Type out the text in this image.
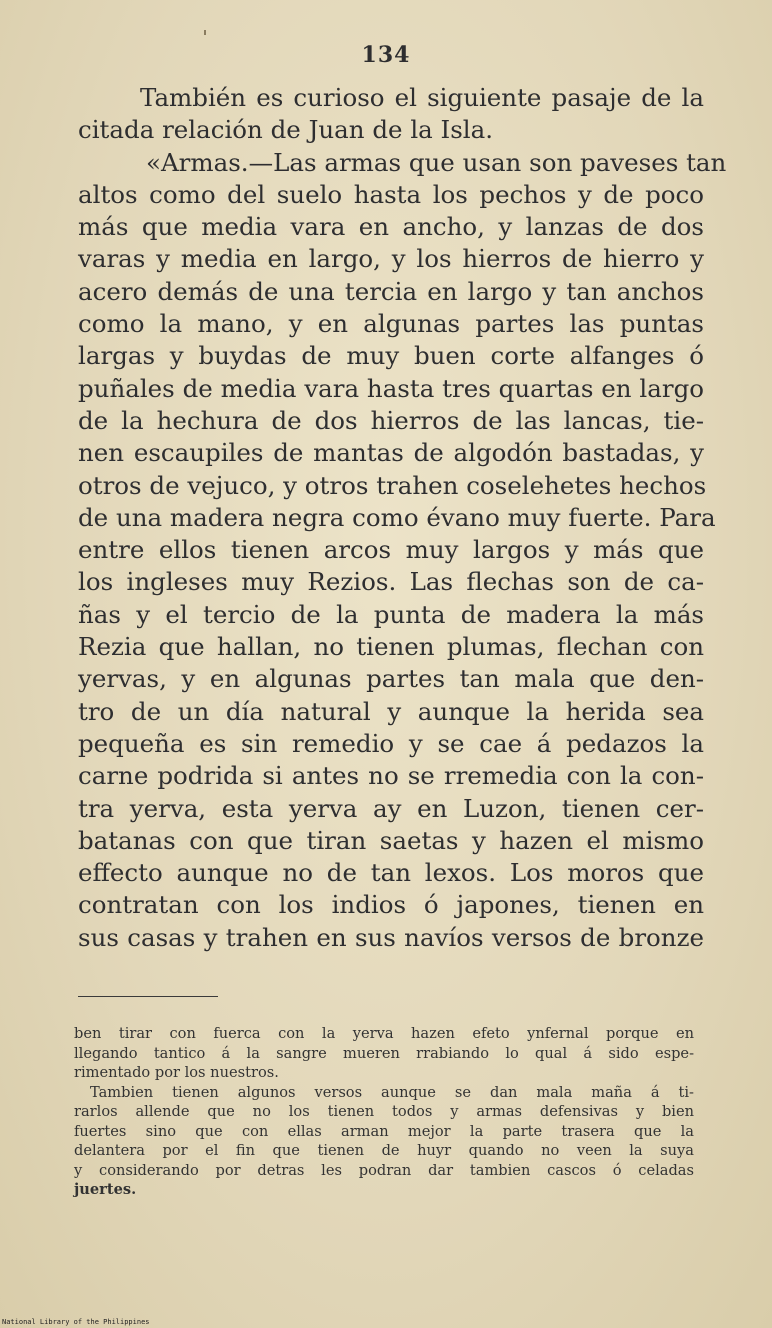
134
También es curioso el siguiente pasaje de la
citada relación de Juan de la Isla.
«Armas.—Las armas que usan son paveses tan
altos como del suelo hasta los pechos y de poco
más que media vara en ancho, y lanzas de dos
varas y media en largo, y los hierros de hierro y
acero demás de una tercia en largo y tan anchos
como la mano, y en algunas partes las puntas
largas y buydas de muy buen corte alfanges ó
puñales de media vara hasta tres quartas en largo
de la hechura de dos hierros de las lancas, tie-
nen escaupiles de mantas de algodón bastadas, y
otros de vejuco, y otros trahen coselehetes hechos
de una madera negra como évano muy fuerte. Para
entre ellos tienen arcos muy largos y más que
los ingleses muy Rezios. Las flechas son de ca-
ñas y el tercio de la punta de madera la más
Rezia que hallan, no tienen plumas, flechan con
yervas, y en algunas partes tan mala que den-
tro de un día natural y aunque la herida sea
pequeña es sin remedio y se cae á pedazos la
carne podrida si antes no se rremedia con la con-
tra yerva, esta yerva ay en Luzon, tienen cer-
batanas con que tiran saetas y hazen el mismo
effecto aunque no de tan lexos. Los moros que
contratan con los indios ó japones, tienen en
sus casas y trahen en sus navíos versos de bronze
ben tirar con fuerca con la yerva hazen efeto ynfernal porque en
llegando tantico á la sangre mueren rrabiando lo qual á sido espe-
rimentado por los nuestros.
Tambien tienen algunos versos aunque se dan mala maña á ti-
rarlos allende que no los tienen todos y armas defensivas y bien
fuertes sino que con ellas arman mejor la parte trasera que la
delantera por el fin que tienen de huyr quando no veen la suya
y considerando por detras les podran dar tambien cascos ó celadas
juertes.
National Library of the Philippines
